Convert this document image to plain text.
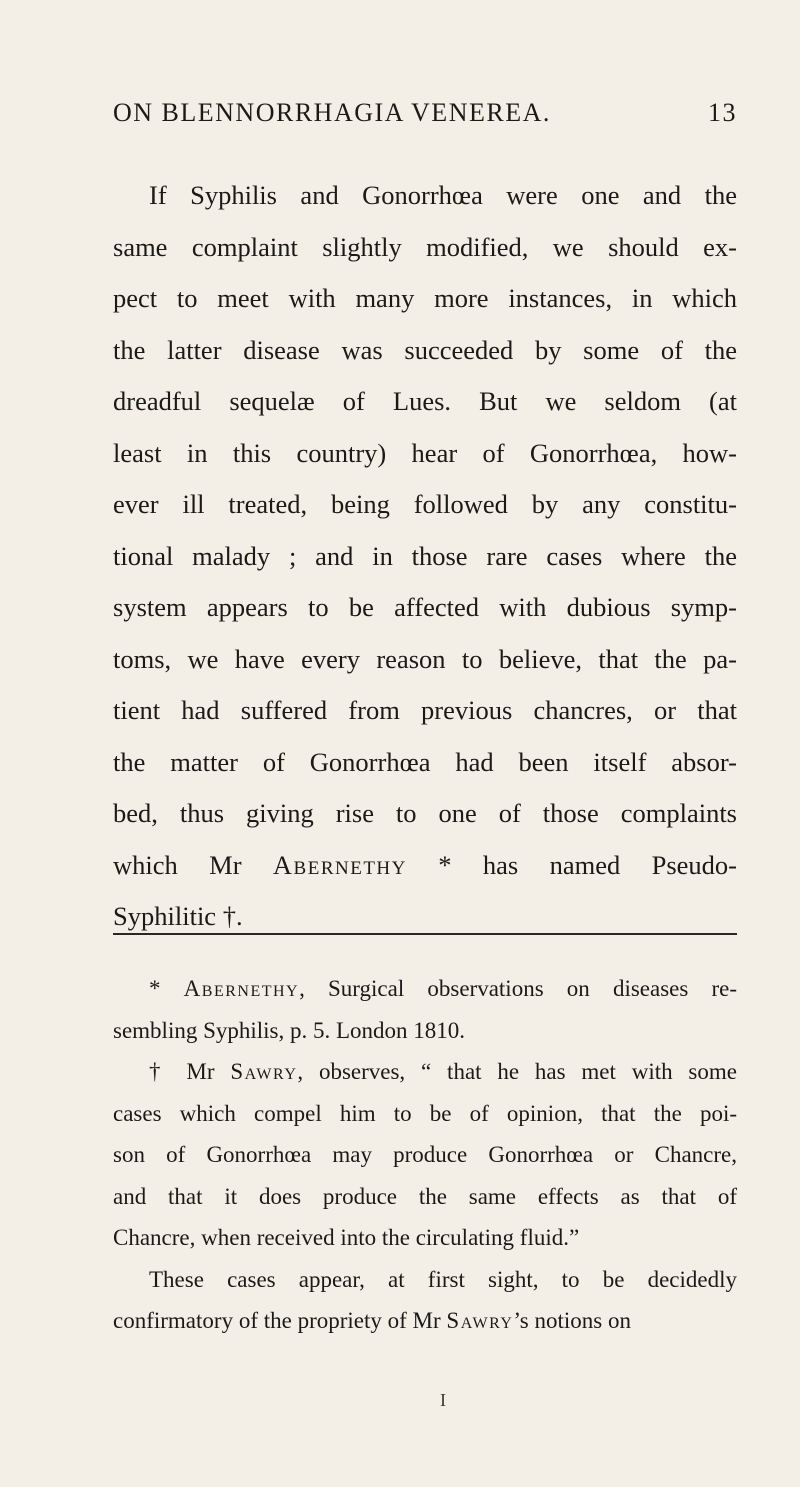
ON BLENNORRHAGIA VENEREA.	13
If Syphilis and Gonorrhœa were one and the
same complaint slightly modified, we should ex-
pect to meet with many more instances, in which
the latter disease was succeeded by some of the
dreadful sequelæ of Lues. But we seldom (at
least in this country) hear of Gonorrhœa, how-
ever ill treated, being followed by any constitu-
tional malady ; and in those rare cases where the
system appears to be affected with dubious symp-
toms, we have every reason to believe, that the pa-
tient had suffered from previous chancres, or that
the matter of Gonorrhœa had been itself absor-
bed, thus giving rise to one of those complaints
which Mr Abernethy * has named Pseudo-
Syphilitic †.
* Abernethy, Surgical observations on diseases re-
sembling Syphilis, p. 5. London 1810.
† Mr Sawry, observes, “ that he has met with some
cases which compel him to be of opinion, that the poi-
son of Gonorrhœa may produce Gonorrhœa or Chancre,
and that it does produce the same effects as that of
Chancre, when received into the circulating fluid.”
These cases appear, at first sight, to be decidedly
confirmatory of the propriety of Mr Sawry’s notions on
I
